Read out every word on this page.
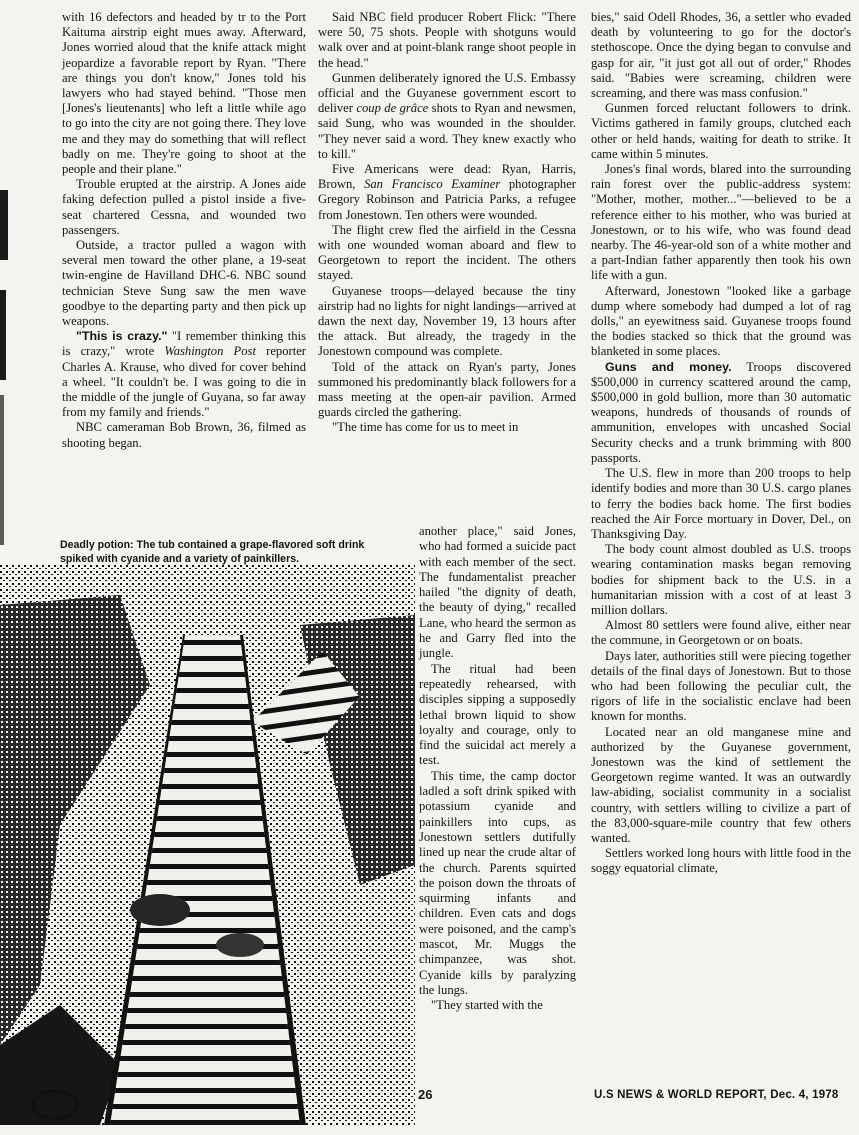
with 16 defectors and headed by tr to the Port Kaituma airstrip eight mues away. Afterward, Jones worried aloud that the knife attack might jeopardize a favorable report by Ryan. "There are things you don't know," Jones told his lawyers who had stayed behind. "Those men [Jones's lieutenants] who left a little while ago to go into the city are not going there. They love me and they may do something that will reflect badly on me. They're going to shoot at the people and their plane."

Trouble erupted at the airstrip. A Jones aide faking defection pulled a pistol inside a five-seat chartered Cessna, and wounded two passengers.

Outside, a tractor pulled a wagon with several men toward the other plane, a 19-seat twin-engine de Havilland DHC-6. NBC sound technician Steve Sung saw the men wave goodbye to the departing party and then pick up weapons.

"This is crazy." "I remember thinking this is crazy," wrote Washington Post reporter Charles A. Krause, who dived for cover behind a wheel. "It couldn't be. I was going to die in the middle of the jungle of Guyana, so far away from my family and friends."

NBC cameraman Bob Brown, 36, filmed as shooting began.

Said NBC field producer Robert Flick: "There were 50, 75 shots. People with shotguns would walk over and at point-blank range shoot people in the head."

Gunmen deliberately ignored the U.S. Embassy official and the Guyanese government escort to deliver coup de grâce shots to Ryan and newsmen, said Sung, who was wounded in the shoulder. "They never said a word. They knew exactly who to kill."

Five Americans were dead: Ryan, Harris, Brown, San Francisco Examiner photographer Gregory Robinson and Patricia Parks, a refugee from Jonestown. Ten others were wounded.

The flight crew fled the airfield in the Cessna with one wounded woman aboard and flew to Georgetown to report the incident. The others stayed.

Guyanese troops—delayed because the tiny airstrip had no lights for night landings—arrived at dawn the next day, November 19, 13 hours after the attack. But already, the tragedy in the Jonestown compound was complete.

Told of the attack on Ryan's party, Jones summoned his predominantly black followers for a mass meeting at the open-air pavilion. Armed guards circled the gathering.

"The time has come for us to meet in

another place," said Jones, who had formed a suicide pact with each member of the sect. The fundamentalist preacher hailed "the dignity of death, the beauty of dying," recalled Lane, who heard the sermon as he and Garry fled into the jungle.

The ritual had been repeatedly rehearsed, with disciples sipping a supposedly lethal brown liquid to show loyalty and courage, only to find the suicidal act merely a test.

This time, the camp doctor ladled a soft drink spiked with potassium cyanide and painkillers into cups, as Jonestown settlers dutifully lined up near the crude altar of the church. Parents squirted the poison down the throats of squirming infants and children. Even cats and dogs were poisoned, and the camp's mascot, Mr. Muggs the chimpanzee, was shot. Cyanide kills by paralyzing the lungs.

"They started with the

bies," said Odell Rhodes, 36, a settler who evaded death by volunteering to go for the doctor's stethoscope. Once the dying began to convulse and gasp for air, "it just got all out of order," Rhodes said. "Babies were screaming, children were screaming, and there was mass confusion."

Gunmen forced reluctant followers to drink. Victims gathered in family groups, clutched each other or held hands, waiting for death to strike. It came within 5 minutes.

Jones's final words, blared into the surrounding rain forest over the public-address system: "Mother, mother, mother..."—believed to be a reference either to his mother, who was buried at Jonestown, or to his wife, who was found dead nearby. The 46-year-old son of a white mother and a part-Indian father apparently then took his own life with a gun.

Afterward, Jonestown "looked like a garbage dump where somebody had dumped a lot of rag dolls," an eyewitness said. Guyanese troops found the bodies stacked so thick that the ground was blanketed in some places.

Guns and money. Troops discovered $500,000 in currency scattered around the camp, $500,000 in gold bullion, more than 30 automatic weapons, hundreds of thousands of rounds of ammunition, envelopes with uncashed Social Security checks and a trunk brimming with 800 passports.

The U.S. flew in more than 200 troops to help identify bodies and more than 30 U.S. cargo planes to ferry the bodies back home. The first bodies reached the Air Force mortuary in Dover, Del., on Thanksgiving Day.

The body count almost doubled as U.S. troops wearing contamination masks began removing bodies for shipment back to the U.S. in a humanitarian mission with a cost of at least 3 million dollars.

Almost 80 settlers were found alive, either near the commune, in Georgetown or on boats.

Days later, authorities still were piecing together details of the final days of Jonestown. But to those who had been following the peculiar cult, the rigors of life in the socialistic enclave had been known for months.

Located near an old manganese mine and authorized by the Guyanese government, Jonestown was the kind of settlement the Georgetown regime wanted. It was an outwardly law-abiding, socialist community in a socialist country, with settlers willing to civilize a part of the 83,000-square-mile country that few others wanted.

Settlers worked long hours with little food in the soggy equatorial climate,

Deadly potion: The tub contained a grape-flavored soft drink spiked with cyanide and a variety of painkillers.

26	U.S NEWS & WORLD REPORT, Dec. 4, 1978
